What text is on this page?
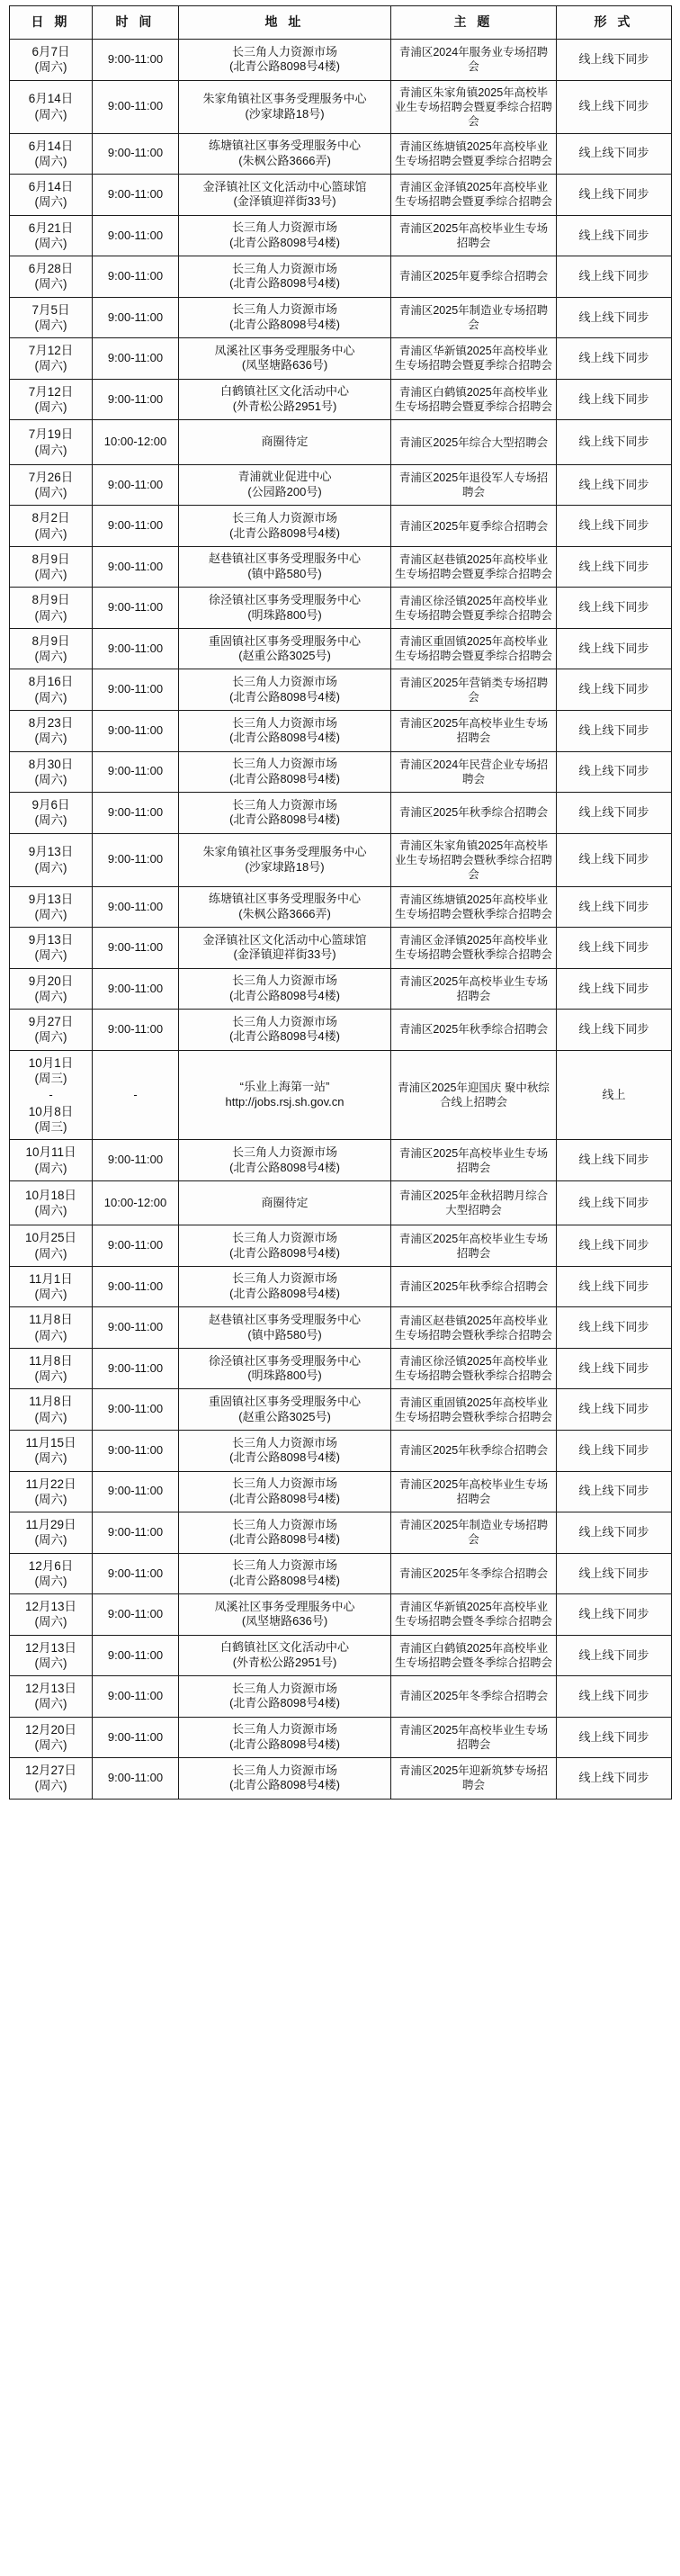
日 期	时 间	地 址	主 题	形 式

6月7日
(周六)	9:00-11:00	长三角人力资源市场
(北青公路8098号4楼)	青浦区2024年服务业专场招聘会	线上线下同步

6月14日
(周六)	9:00-11:00	朱家角镇社区事务受理服务中心
(沙家埭路18号)	青浦区朱家角镇2025年高校毕业生专场招聘会暨夏季综合招聘会	线上线下同步

6月14日
(周六)	9:00-11:00	练塘镇社区事务受理服务中心
(朱枫公路3666弄)	青浦区练塘镇2025年高校毕业生专场招聘会暨夏季综合招聘会	线上线下同步

6月14日
(周六)	9:00-11:00	金泽镇社区文化活动中心篮球馆
(金泽镇迎祥街33号)	青浦区金泽镇2025年高校毕业生专场招聘会暨夏季综合招聘会	线上线下同步

6月21日
(周六)	9:00-11:00	长三角人力资源市场
(北青公路8098号4楼)	青浦区2025年高校毕业生专场招聘会	线上线下同步

6月28日
(周六)	9:00-11:00	长三角人力资源市场
(北青公路8098号4楼)	青浦区2025年夏季综合招聘会	线上线下同步

7月5日
(周六)	9:00-11:00	长三角人力资源市场
(北青公路8098号4楼)	青浦区2025年制造业专场招聘会	线上线下同步

7月12日
(周六)	9:00-11:00	凤溪社区事务受理服务中心
(凤坚塘路636号)	青浦区华新镇2025年高校毕业生专场招聘会暨夏季综合招聘会	线上线下同步

7月12日
(周六)	9:00-11:00	白鹤镇社区文化活动中心
(外青松公路2951号)	青浦区白鹤镇2025年高校毕业生专场招聘会暨夏季综合招聘会	线上线下同步

7月19日
(周六)	10:00-12:00	商圈待定	青浦区2025年综合大型招聘会	线上线下同步

7月26日
(周六)	9:00-11:00	青浦就业促进中心
(公园路200号)	青浦区2025年退役军人专场招聘会	线上线下同步

8月2日
(周六)	9:00-11:00	长三角人力资源市场
(北青公路8098号4楼)	青浦区2025年夏季综合招聘会	线上线下同步

8月9日
(周六)	9:00-11:00	赵巷镇社区事务受理服务中心
(镇中路580号)	青浦区赵巷镇2025年高校毕业生专场招聘会暨夏季综合招聘会	线上线下同步

8月9日
(周六)	9:00-11:00	徐泾镇社区事务受理服务中心
(明珠路800号)	青浦区徐泾镇2025年高校毕业生专场招聘会暨夏季综合招聘会	线上线下同步

8月9日
(周六)	9:00-11:00	重固镇社区事务受理服务中心
(赵重公路3025号)	青浦区重固镇2025年高校毕业生专场招聘会暨夏季综合招聘会	线上线下同步

8月16日
(周六)	9:00-11:00	长三角人力资源市场
(北青公路8098号4楼)	青浦区2025年营销类专场招聘会	线上线下同步

8月23日
(周六)	9:00-11:00	长三角人力资源市场
(北青公路8098号4楼)	青浦区2025年高校毕业生专场招聘会	线上线下同步

8月30日
(周六)	9:00-11:00	长三角人力资源市场
(北青公路8098号4楼)	青浦区2024年民营企业专场招聘会	线上线下同步

9月6日
(周六)	9:00-11:00	长三角人力资源市场
(北青公路8098号4楼)	青浦区2025年秋季综合招聘会	线上线下同步

9月13日
(周六)	9:00-11:00	朱家角镇社区事务受理服务中心
(沙家埭路18号)	青浦区朱家角镇2025年高校毕业生专场招聘会暨秋季综合招聘会	线上线下同步

9月13日
(周六)	9:00-11:00	练塘镇社区事务受理服务中心
(朱枫公路3666弄)	青浦区练塘镇2025年高校毕业生专场招聘会暨秋季综合招聘会	线上线下同步

9月13日
(周六)	9:00-11:00	金泽镇社区文化活动中心篮球馆
(金泽镇迎祥街33号)	青浦区金泽镇2025年高校毕业生专场招聘会暨秋季综合招聘会	线上线下同步

9月20日
(周六)	9:00-11:00	长三角人力资源市场
(北青公路8098号4楼)	青浦区2025年高校毕业生专场招聘会	线上线下同步

9月27日
(周六)	9:00-11:00	长三角人力资源市场
(北青公路8098号4楼)	青浦区2025年秋季综合招聘会	线上线下同步

10月1日
(周三)
-
10月8日
(周三)	-	“乐业上海第一站”
http://jobs.rsj.sh.gov.cn	青浦区2025年迎国庆 聚中秋综合线上招聘会	线上

10月11日
(周六)	9:00-11:00	长三角人力资源市场
(北青公路8098号4楼)	青浦区2025年高校毕业生专场招聘会	线上线下同步

10月18日
(周六)	10:00-12:00	商圈待定	青浦区2025年金秋招聘月综合大型招聘会	线上线下同步

10月25日
(周六)	9:00-11:00	长三角人力资源市场
(北青公路8098号4楼)	青浦区2025年高校毕业生专场招聘会	线上线下同步

11月1日
(周六)	9:00-11:00	长三角人力资源市场
(北青公路8098号4楼)	青浦区2025年秋季综合招聘会	线上线下同步

11月8日
(周六)	9:00-11:00	赵巷镇社区事务受理服务中心
(镇中路580号)	青浦区赵巷镇2025年高校毕业生专场招聘会暨秋季综合招聘会	线上线下同步

11月8日
(周六)	9:00-11:00	徐泾镇社区事务受理服务中心
(明珠路800号)	青浦区徐泾镇2025年高校毕业生专场招聘会暨秋季综合招聘会	线上线下同步

11月8日
(周六)	9:00-11:00	重固镇社区事务受理服务中心
(赵重公路3025号)	青浦区重固镇2025年高校毕业生专场招聘会暨秋季综合招聘会	线上线下同步

11月15日
(周六)	9:00-11:00	长三角人力资源市场
(北青公路8098号4楼)	青浦区2025年秋季综合招聘会	线上线下同步

11月22日
(周六)	9:00-11:00	长三角人力资源市场
(北青公路8098号4楼)	青浦区2025年高校毕业生专场招聘会	线上线下同步

11月29日
(周六)	9:00-11:00	长三角人力资源市场
(北青公路8098号4楼)	青浦区2025年制造业专场招聘会	线上线下同步

12月6日
(周六)	9:00-11:00	长三角人力资源市场
(北青公路8098号4楼)	青浦区2025年冬季综合招聘会	线上线下同步

12月13日
(周六)	9:00-11:00	凤溪社区事务受理服务中心
(凤坚塘路636号)	青浦区华新镇2025年高校毕业生专场招聘会暨冬季综合招聘会	线上线下同步

12月13日
(周六)	9:00-11:00	白鹤镇社区文化活动中心
(外青松公路2951号)	青浦区白鹤镇2025年高校毕业生专场招聘会暨冬季综合招聘会	线上线下同步

12月13日
(周六)	9:00-11:00	长三角人力资源市场
(北青公路8098号4楼)	青浦区2025年冬季综合招聘会	线上线下同步

12月20日
(周六)	9:00-11:00	长三角人力资源市场
(北青公路8098号4楼)	青浦区2025年高校毕业生专场招聘会	线上线下同步

12月27日
(周六)	9:00-11:00	长三角人力资源市场
(北青公路8098号4楼)	青浦区2025年迎新筑梦专场招聘会	线上线下同步
